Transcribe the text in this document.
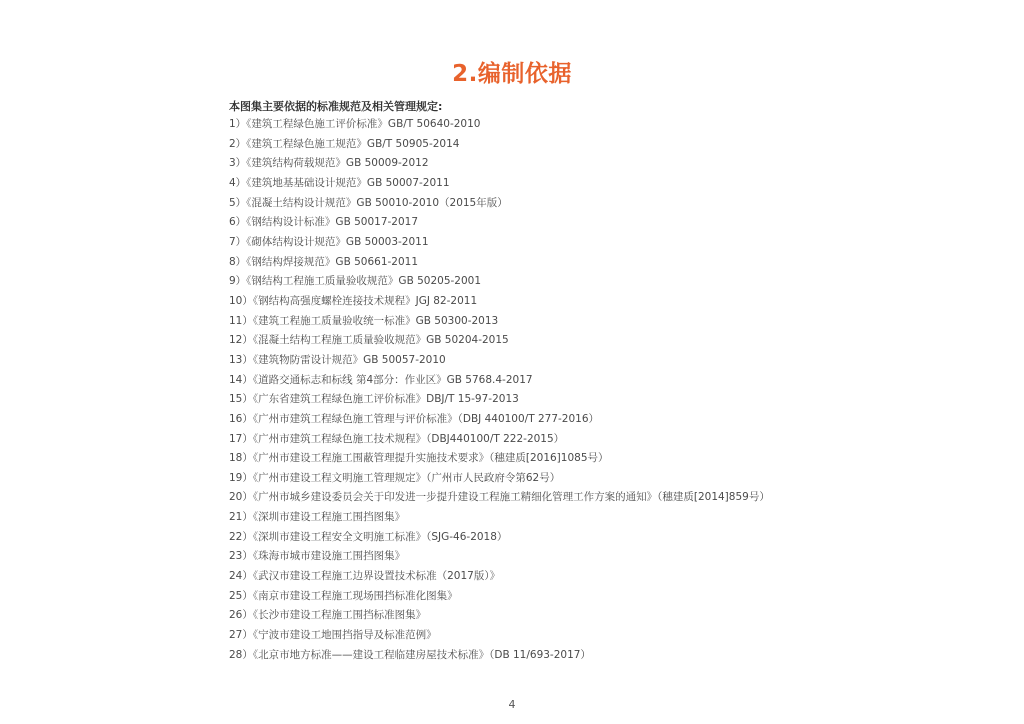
2.编制依据
本图集主要依据的标准规范及相关管理规定:
1）《建筑工程绿色施工评价标准》GB/T 50640-2010
2）《建筑工程绿色施工规范》GB/T 50905-2014
3）《建筑结构荷载规范》GB 50009-2012
4）《建筑地基基础设计规范》GB 50007-2011
5）《混凝土结构设计规范》GB 50010-2010（2015年版）
6）《钢结构设计标准》GB 50017-2017
7）《砌体结构设计规范》GB 50003-2011
8）《钢结构焊接规范》GB 50661-2011
9）《钢结构工程施工质量验收规范》GB 50205-2001
10）《钢结构高强度螺栓连接技术规程》JGJ 82-2011
11）《建筑工程施工质量验收统一标准》GB 50300-2013
12）《混凝土结构工程施工质量验收规范》GB 50204-2015
13）《建筑物防雷设计规范》GB 50057-2010
14）《道路交通标志和标线 第4部分：作业区》GB 5768.4-2017
15）《广东省建筑工程绿色施工评价标准》DBJ/T 15-97-2013
16）《广州市建筑工程绿色施工管理与评价标准》（DBJ 440100/T 277-2016）
17）《广州市建筑工程绿色施工技术规程》（DBJ440100/T 222-2015）
18）《广州市建设工程施工围蔽管理提升实施技术要求》（穗建质[2016]1085号）
19）《广州市建设工程文明施工管理规定》（广州市人民政府令第62号）
20）《广州市城乡建设委员会关于印发进一步提升建设工程施工精细化管理工作方案的通知》（穗建质[2014]859号）
21）《深圳市建设工程施工围挡图集》
22）《深圳市建设工程安全文明施工标准》（SJG-46-2018）
23）《珠海市城市建设施工围挡图集》
24）《武汉市建设工程施工边界设置技术标准（2017版）》
25）《南京市建设工程施工现场围挡标准化图集》
26）《长沙市建设工程施工围挡标准图集》
27）《宁波市建设工地围挡指导及标准范例》
28）《北京市地方标准——建设工程临建房屋技术标准》（DB 11/693-2017）
4
